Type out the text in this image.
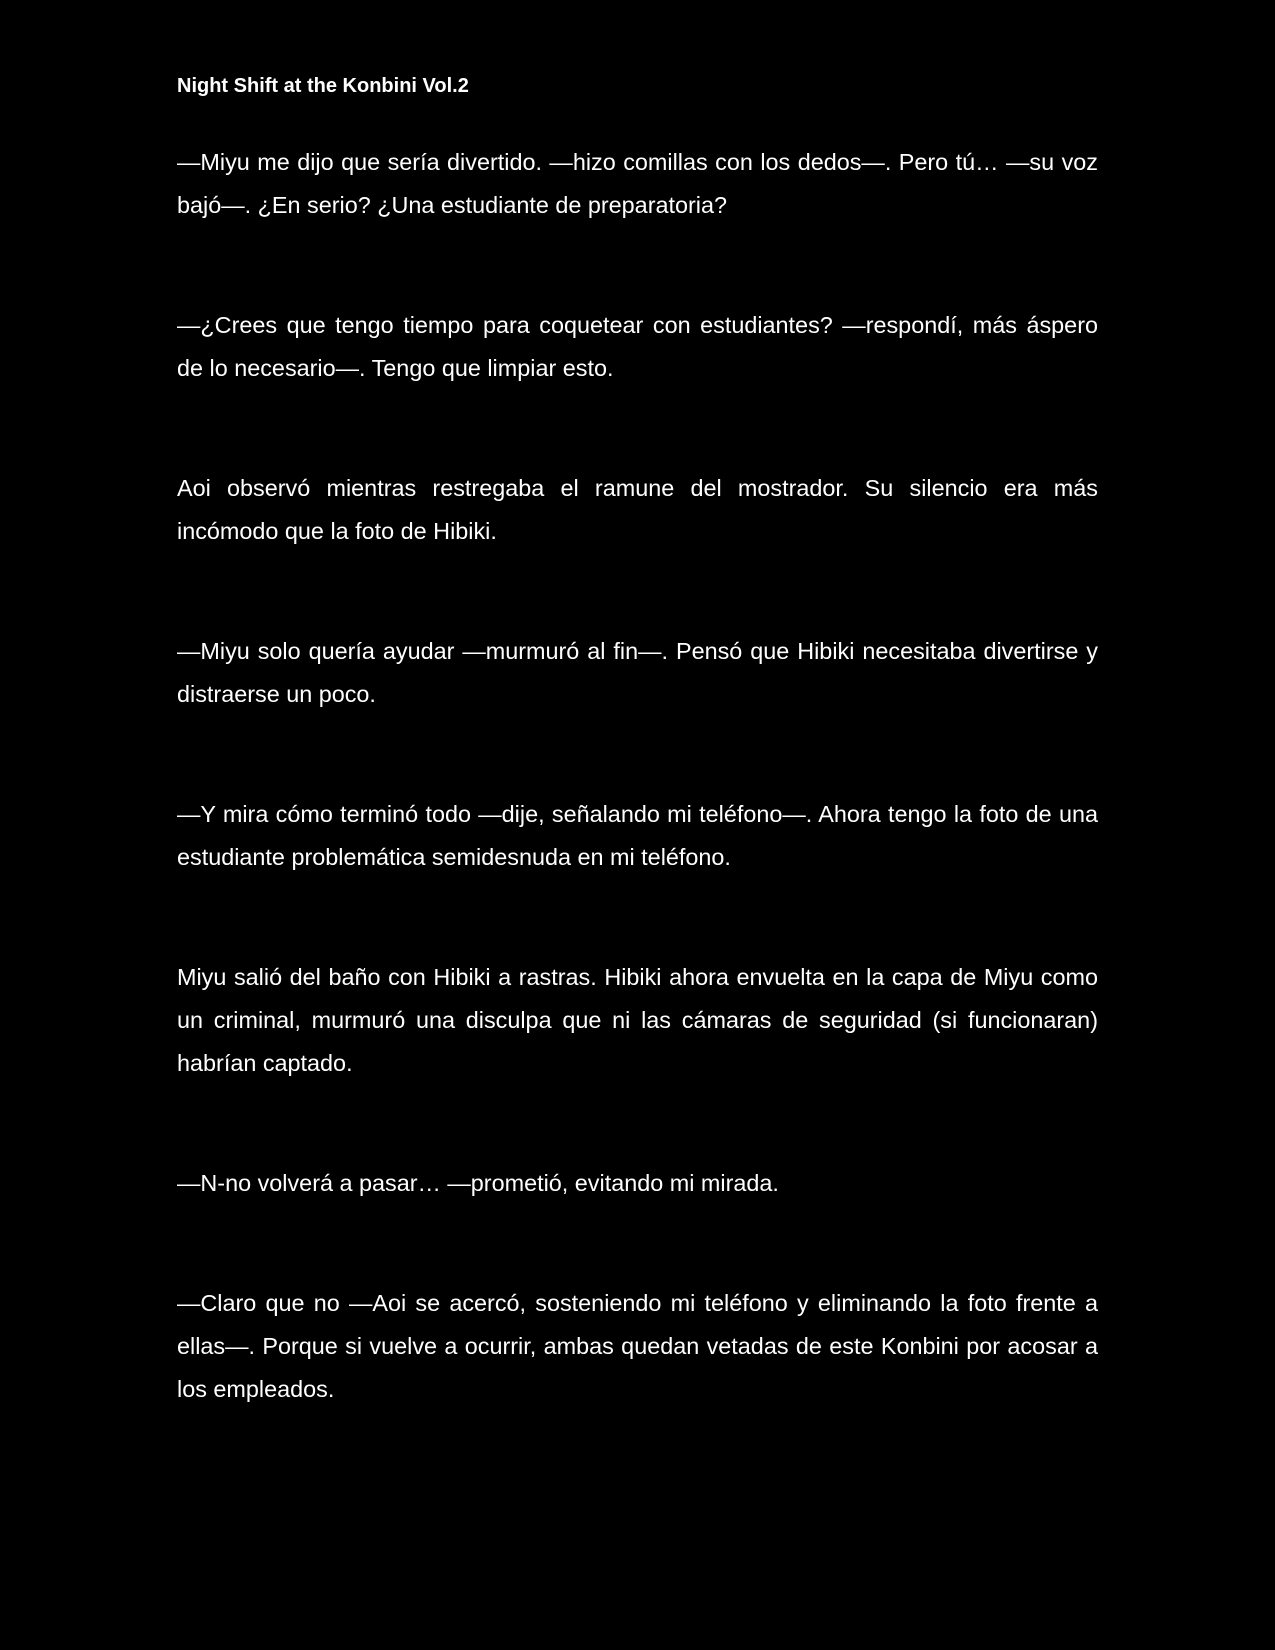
Night Shift at the Konbini Vol.2

—Miyu me dijo que sería divertido. —hizo comillas con los dedos—. Pero tú… —su voz bajó—. ¿En serio? ¿Una estudiante de preparatoria?

—¿Crees que tengo tiempo para coquetear con estudiantes? —respondí, más áspero de lo necesario—. Tengo que limpiar esto.

Aoi observó mientras restregaba el ramune del mostrador. Su silencio era más incómodo que la foto de Hibiki.

—Miyu solo quería ayudar —murmuró al fin—. Pensó que Hibiki necesitaba divertirse y distraerse un poco.

—Y mira cómo terminó todo —dije, señalando mi teléfono—. Ahora tengo la foto de una estudiante problemática semidesnuda en mi teléfono.

Miyu salió del baño con Hibiki a rastras. Hibiki ahora envuelta en la capa de Miyu como un criminal, murmuró una disculpa que ni las cámaras de seguridad (si funcionaran) habrían captado.

—N-no volverá a pasar… —prometió, evitando mi mirada.

—Claro que no —Aoi se acercó, sosteniendo mi teléfono y eliminando la foto frente a ellas—. Porque si vuelve a ocurrir, ambas quedan vetadas de este Konbini por acosar a los empleados.
